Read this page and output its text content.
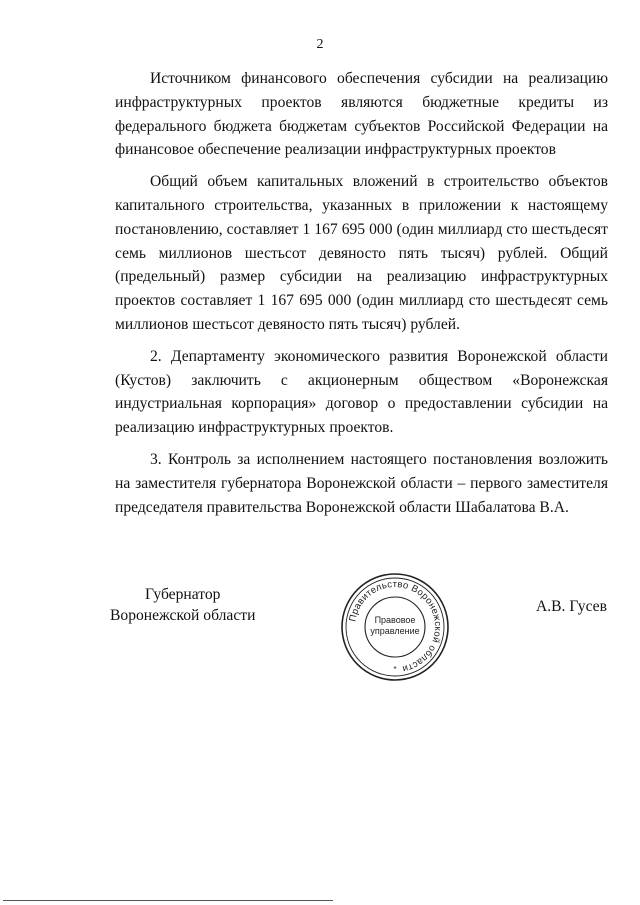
2

Источником финансового обеспечения субсидии на реализацию инфраструктурных проектов являются бюджетные кредиты из федерального бюджета бюджетам субъектов Российской Федерации на финансовое обеспечение реализации инфраструктурных проектов

Общий объем капитальных вложений в строительство объектов капитального строительства, указанных в приложении к настоящему постановлению, составляет 1 167 695 000 (один миллиард сто шестьдесят семь миллионов шестьсот девяносто пять тысяч) рублей. Общий (предельный) размер субсидии на реализацию инфраструктурных проектов составляет 1 167 695 000 (один миллиард сто шестьдесят семь миллионов шестьсот девяносто пять тысяч) рублей.

2. Департаменту экономического развития Воронежской области (Кустов) заключить с акционерным обществом «Воронежская индустриальная корпорация» договор о предоставлении субсидии на реализацию инфраструктурных проектов.

3. Контроль за исполнением настоящего постановления возложить на заместителя губернатора Воронежской области – первого заместителя председателя правительства Воронежской области Шабалатова В.А.

Губернатор
Воронежской области	Правительство Воронежской области
Правовое
управление
*
А.В. Гусев
